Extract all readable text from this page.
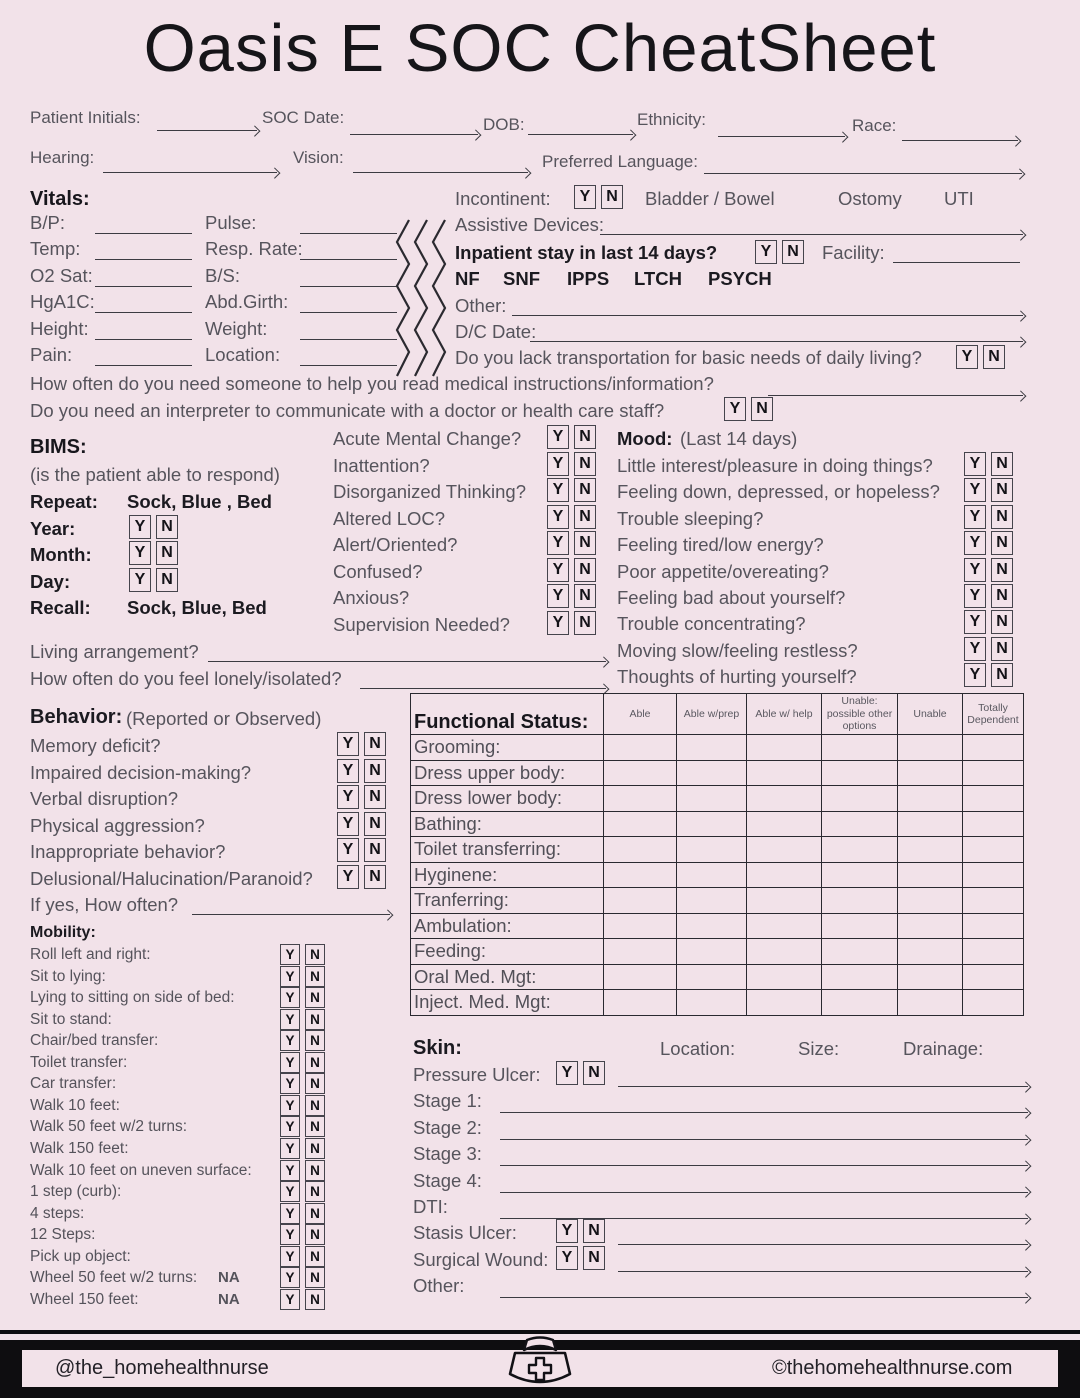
Oasis E SOC CheatSheet
Patient Initials:	SOC Date:	DOB:	Ethnicity:	Race:
Hearing:	Vision:	Preferred Language:
Vitals:
B/P:	Pulse:
Temp:	Resp. Rate:
O2 Sat:	B/S:
HgA1C:	Abd.Girth:
Height:	Weight:
Pain:	Location:
Incontinent:	Y N Bladder / Bowel	Ostomy UTI
Assistive Devices:
Inpatient stay in last 14 days?	Y N Facility:
NF SNF IPPS LTCH PSYCH
Other:
D/C Date:
Do you lack transportation for basic needs of daily living?	Y N
How often do you need someone to help you read medical instructions/information?
Do you need an interpreter to communicate with a doctor or health care staff?	Y N
BIMS:
(is the patient able to respond)
Repeat: Sock, Blue , Bed
Year:	Y N
Month:	Y N
Day:	Y N
Recall: Sock, Blue, Bed
Acute Mental Change?	Y N
Inattention?	Y N
Disorganized Thinking?	Y N
Altered LOC?	Y N
Alert/Oriented?	Y N
Confused?	Y N
Anxious?	Y N
Supervision Needed?	Y N
Mood: (Last 14 days)
Little interest/pleasure in doing things?	Y N
Feeling down, depressed, or hopeless?	Y N
Trouble sleeping?	Y N
Feeling tired/low energy?	Y N
Poor appetite/overeating?	Y N
Feeling bad about yourself?	Y N
Trouble concentrating?	Y N
Moving slow/feeling restless?	Y N
Thoughts of hurting yourself?	Y N
Living arrangement?
How often do you feel lonely/isolated?
Behavior: (Reported or Observed)
Memory deficit?	Y N
Impaired decision-making?	Y N
Verbal disruption?	Y N
Physical aggression?	Y N
Inappropriate behavior?	Y N
Delusional/Halucination/Paranoid?	Y N
If yes, How often?
Mobility:
Roll left and right:	Y	N
Sit to lying:	Y	N
Lying to sitting on side of bed:	Y	N
Sit to stand:	Y	N
Chair/bed transfer:	Y	N
Toilet transfer:	Y	N
Car transfer:	Y	N
Walk 10 feet:	Y	N
Walk 50 feet w/2 turns:	Y	N
Walk 150 feet:	Y	N
Walk 10 feet on uneven surface:	Y	N
1 step (curb):	Y	N
4 steps:	Y	N
12 Steps:	Y	N
Pick up object:	Y	N
Wheel 50 feet w/2 turns: NA	Y	N
Wheel 150 feet:	NA	Y	N
Functional Status:	Able	Able w/prep	Able w/ help	Unable: possible other options	Unable	Totally Dependent
Grooming:						
Dress upper body:						
Dress lower body:						
Bathing:						
Toilet transferring:						
Hyginene:						
Tranferring:						
Ambulation:						
Feeding:						
Oral Med. Mgt:						
Inject. Med. Mgt:						
Skin:	Location:	Size:	Drainage:
Pressure Ulcer:	Y N
Stage 1:
Stage 2:
Stage 3:
Stage 4:
DTI:
Stasis Ulcer:	Y N
Surgical Wound: Y N
Other:
@the_homehealthnurse	©thehomehealthnurse.com
